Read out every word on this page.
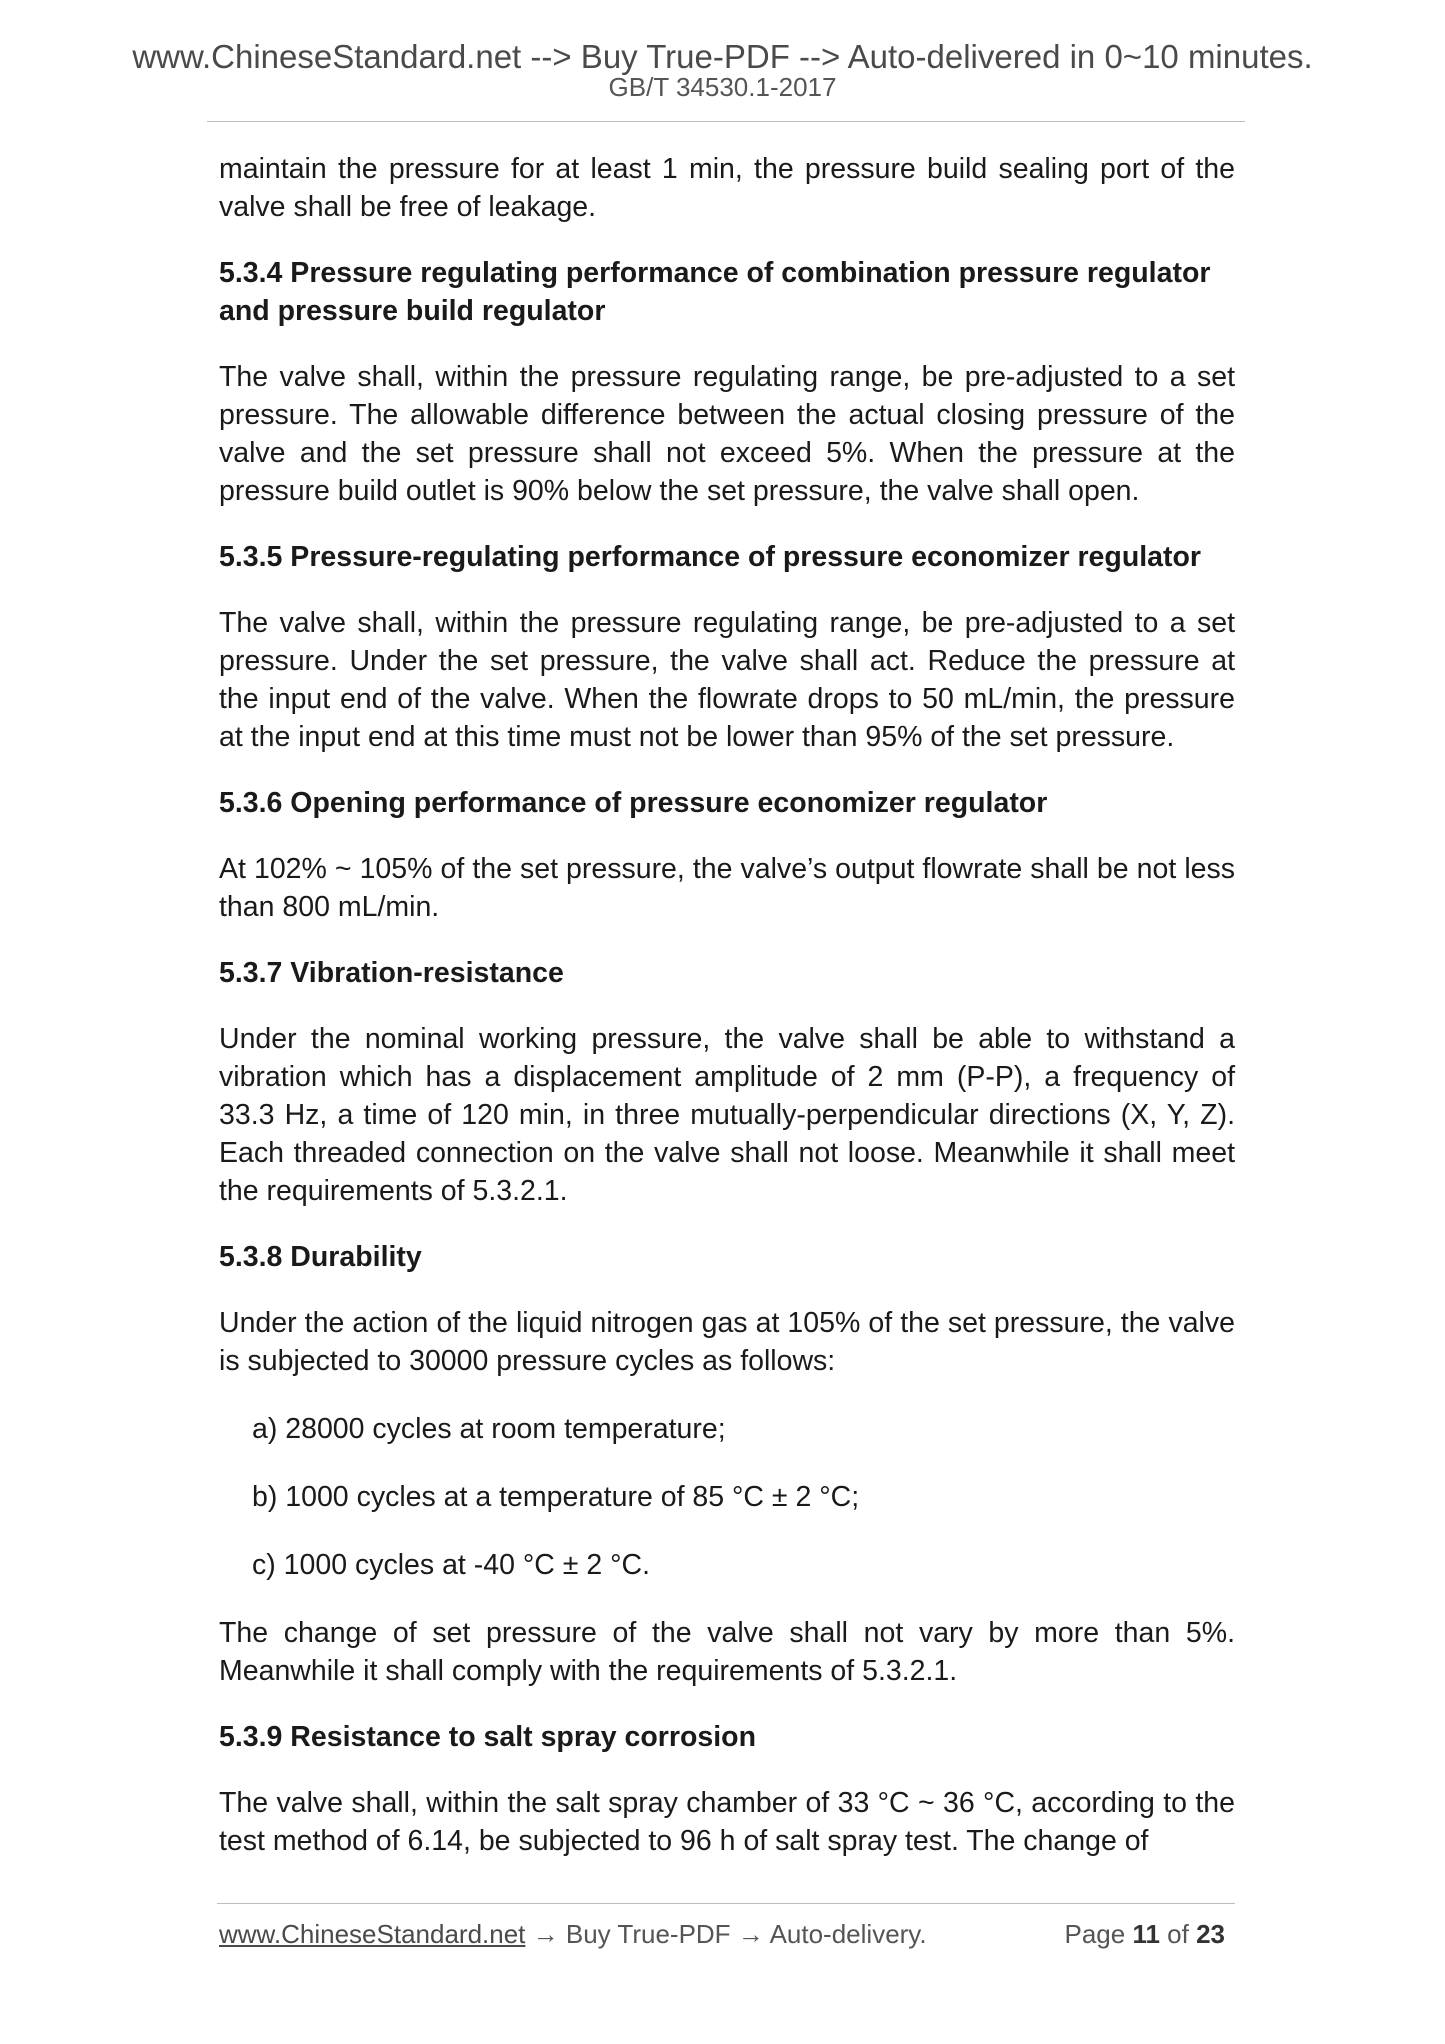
www.ChineseStandard.net --> Buy True-PDF --> Auto-delivered in 0~10 minutes.
GB/T 34530.1-2017

maintain the pressure for at least 1 min, the pressure build sealing port of the valve shall be free of leakage.

5.3.4 Pressure regulating performance of combination pressure regulator and pressure build regulator

The valve shall, within the pressure regulating range, be pre-adjusted to a set pressure. The allowable difference between the actual closing pressure of the valve and the set pressure shall not exceed 5%. When the pressure at the pressure build outlet is 90% below the set pressure, the valve shall open.

5.3.5 Pressure-regulating performance of pressure economizer regulator

The valve shall, within the pressure regulating range, be pre-adjusted to a set pressure. Under the set pressure, the valve shall act. Reduce the pressure at the input end of the valve. When the flowrate drops to 50 mL/min, the pressure at the input end at this time must not be lower than 95% of the set pressure.

5.3.6 Opening performance of pressure economizer regulator

At 102% ~ 105% of the set pressure, the valve’s output flowrate shall be not less than 800 mL/min.

5.3.7 Vibration-resistance

Under the nominal working pressure, the valve shall be able to withstand a vibration which has a displacement amplitude of 2 mm (P-P), a frequency of 33.3 Hz, a time of 120 min, in three mutually-perpendicular directions (X, Y, Z). Each threaded connection on the valve shall not loose. Meanwhile it shall meet the requirements of 5.3.2.1.

5.3.8 Durability

Under the action of the liquid nitrogen gas at 105% of the set pressure, the valve is subjected to 30000 pressure cycles as follows:

a) 28000 cycles at room temperature;

b) 1000 cycles at a temperature of 85 °C ± 2 °C;

c) 1000 cycles at -40 °C ± 2 °C.

The change of set pressure of the valve shall not vary by more than 5%. Meanwhile it shall comply with the requirements of 5.3.2.1.

5.3.9 Resistance to salt spray corrosion

The valve shall, within the salt spray chamber of 33 °C ~ 36 °C, according to the test method of 6.14, be subjected to 96 h of salt spray test. The change of

www.ChineseStandard.net → Buy True-PDF → Auto-delivery.	Page 11 of 23
